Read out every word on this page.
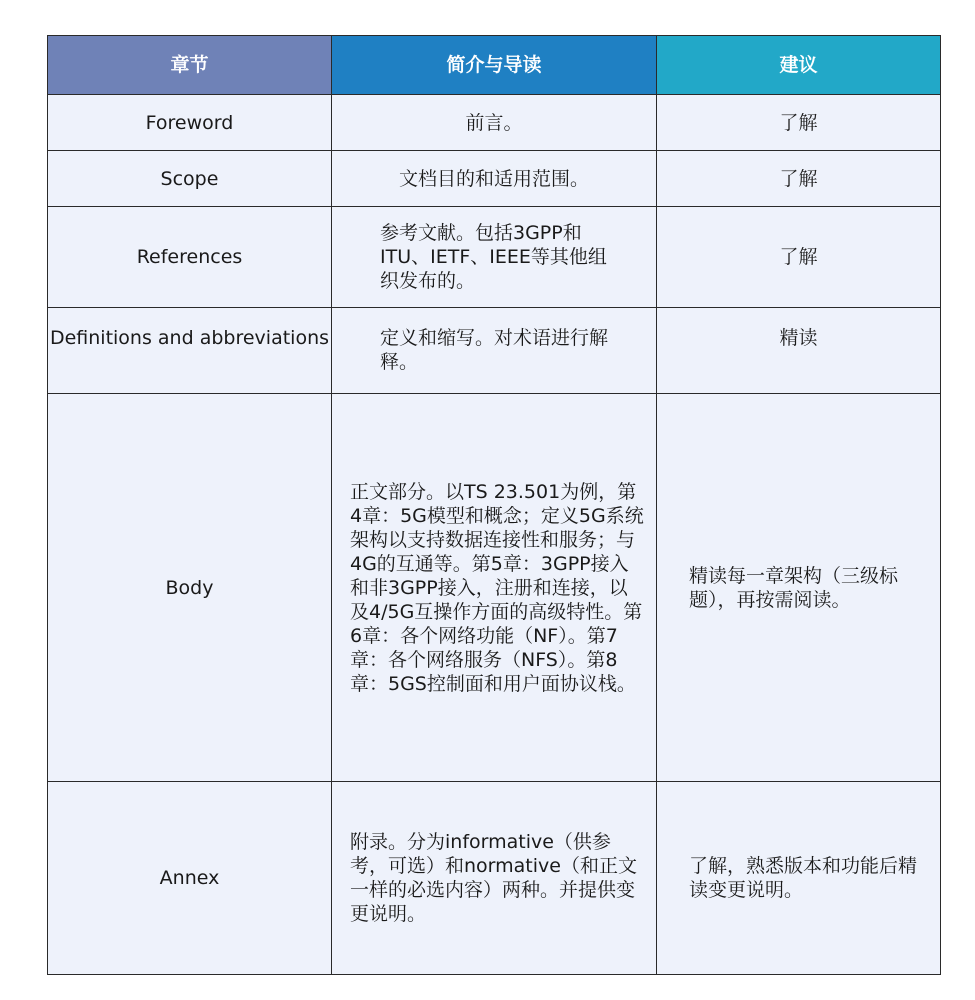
章节	简介与导读	建议
Foreword	前言。	了解
Scope	文档目的和适用范围。	了解
References	参考文献。包括3GPP和ITU、IETF、IEEE等其他组织发布的。	了解
Definitions and abbreviations	定义和缩写。对术语进行解释。	精读
Body	正文部分。以TS 23.501为例，第4章：5G模型和概念；定义5G系统架构以支持数据连接性和服务；与4G的互通等。第5章：3GPP接入和非3GPP接入，注册和连接，以及4/5G互操作方面的高级特性。第6章：各个网络功能（NF）。第7章：各个网络服务（NFS）。第8章：5GS控制面和用户面协议栈。	精读每一章架构（三级标题），再按需阅读。
Annex	附录。分为informative（供参考，可选）和normative（和正文一样的必选内容）两种。并提供变更说明。	了解，熟悉版本和功能后精读变更说明。
